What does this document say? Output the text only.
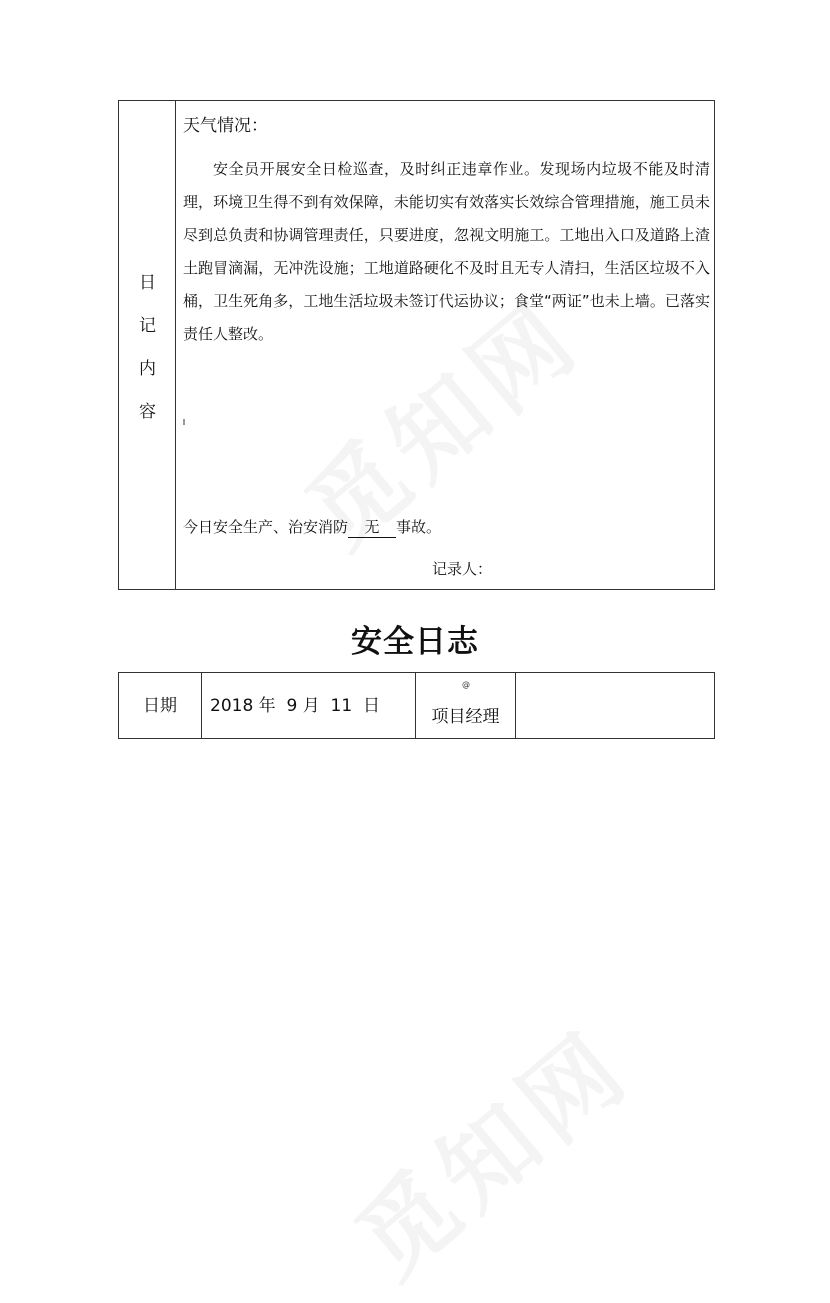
日
记
内
容
天气情况：

安全员开展安全日检巡查，及时纠正违章作业。发现场内垃圾不能及时清理，环境卫生得不到有效保障，未能切实有效落实长效综合管理措施，施工员未尽到总负责和协调管理责任，只要进度，忽视文明施工。工地出入口及道路上渣土跑冒滴漏，无冲洗设施；工地道路硬化不及时且无专人清扫，生活区垃圾不入桶，卫生死角多，工地生活垃圾未签订代运协议；食堂“两证”也未上墙。已落实责任人整改。

今日安全生产、治安消防 无 事故。
记录人：
安全日志
日期	2018 年  9 月  11  日
@
项目经理
